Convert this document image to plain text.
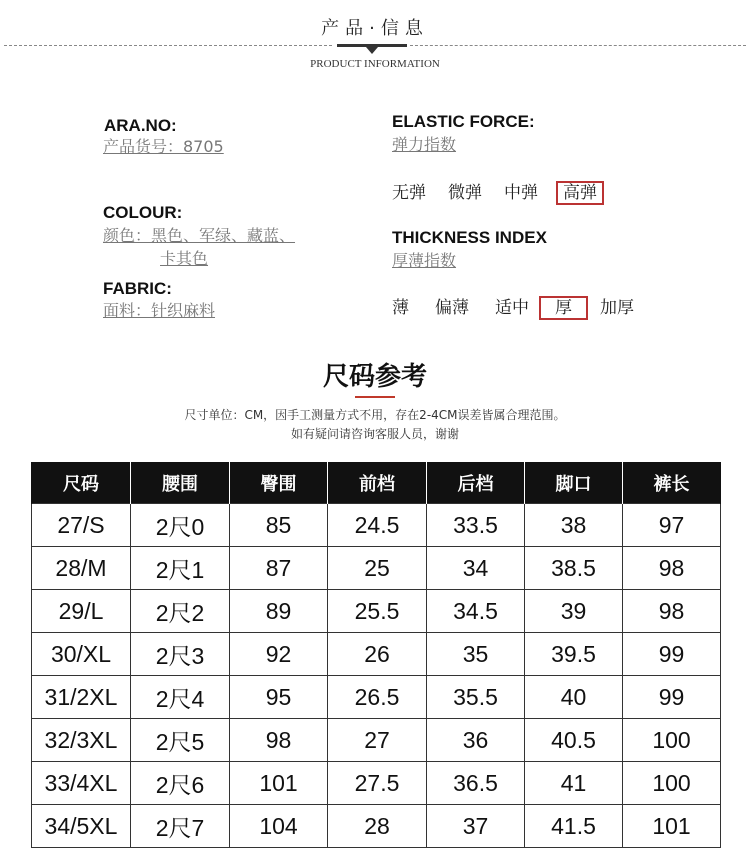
产品·信息
PRODUCT INFORMATION
ARA.NO:
产品货号：8705
COLOUR:
颜色：黑色、军绿、藏蓝、
卡其色
FABRIC:
面料：针织麻料
ELASTIC FORCE:
弹力指数
无弹 微弹 中弹 高弹
THICKNESS INDEX
厚薄指数
薄 偏薄 适中 厚 加厚
尺码参考
尺寸单位：CM，因手工测量方式不用，存在2-4CM误差皆属合理范围。
如有疑问请咨询客服人员，谢谢
尺码	腰围	臀围	前档	后档	脚口	裤长
27/S	2尺0	85	24.5	33.5	38	97
28/M	2尺1	87	25	34	38.5	98
29/L	2尺2	89	25.5	34.5	39	98
30/XL	2尺3	92	26	35	39.5	99
31/2XL	2尺4	95	26.5	35.5	40	99
32/3XL	2尺5	98	27	36	40.5	100
33/4XL	2尺6	101	27.5	36.5	41	100
34/5XL	2尺7	104	28	37	41.5	101
